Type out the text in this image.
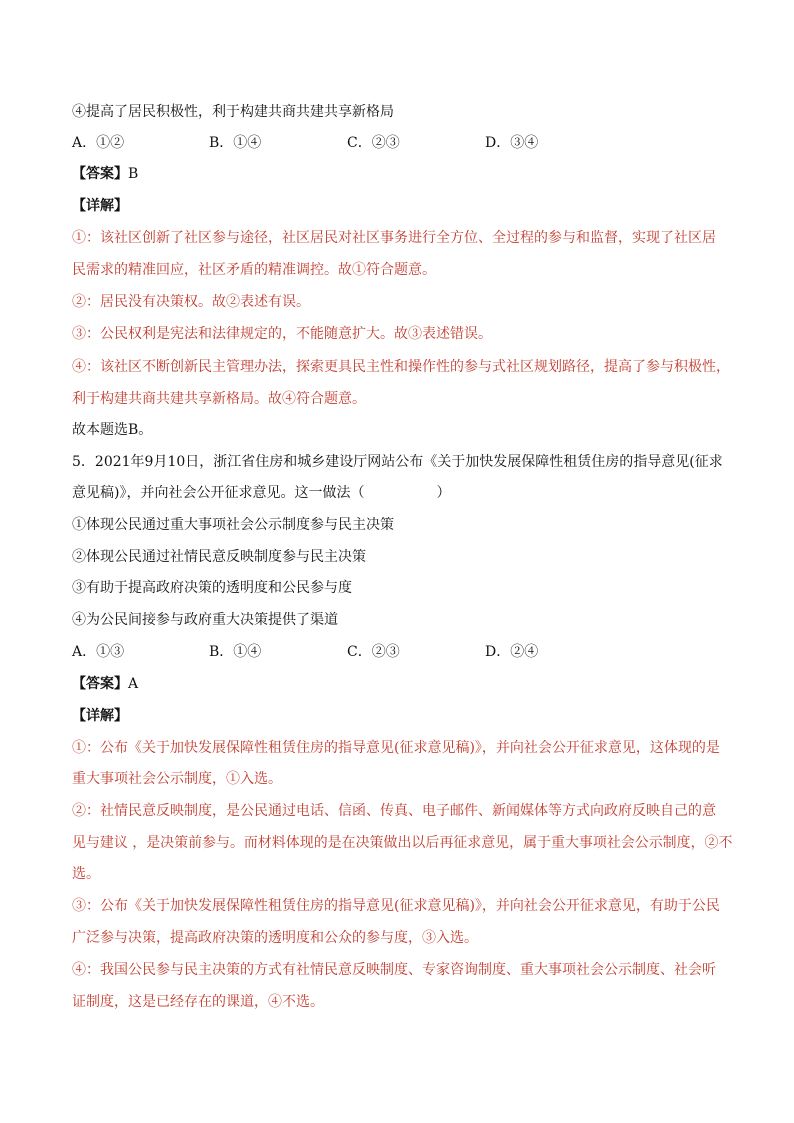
④提高了居民积极性，利于构建共商共建共享新格局
A．①②	B．①④	C．②③	D．③④
【答案】B
【详解】
①：该社区创新了社区参与途径，社区居民对社区事务进行全方位、全过程的参与和监督，实现了社区居
民需求的精准回应，社区矛盾的精准调控。故①符合题意。
②：居民没有决策权。故②表述有误。
③：公民权利是宪法和法律规定的，不能随意扩大。故③表述错误。
④：该社区不断创新民主管理办法，探索更具民主性和操作性的参与式社区规划路径，提高了参与积极性，
利于构建共商共建共享新格局。故④符合题意。
故本题选B。
5．2021年9月10日，浙江省住房和城乡建设厅网站公布《关于加快发展保障性租赁住房的指导意见(征求
意见稿)》，并向社会公开征求意见。这一做法（	）
①体现公民通过重大事项社会公示制度参与民主决策
②体现公民通过社情民意反映制度参与民主决策
③有助于提高政府决策的透明度和公民参与度
④为公民间接参与政府重大决策提供了渠道
A．①③	B．①④	C．②③	D．②④
【答案】A
【详解】
①：公布《关于加快发展保障性租赁住房的指导意见(征求意见稿)》，并向社会公开征求意见，这体现的是
重大事项社会公示制度，①入选。
②：社情民意反映制度，是公民通过电话、信函、传真、电子邮件、新闻媒体等方式向政府反映自己的意
见与建议 ，是决策前参与。而材料体现的是在决策做出以后再征求意见，属于重大事项社会公示制度，②不
选。
③：公布《关于加快发展保障性租赁住房的指导意见(征求意见稿)》，并向社会公开征求意见，有助于公民
广泛参与决策，提高政府决策的透明度和公众的参与度，③入选。
④：我国公民参与民主决策的方式有社情民意反映制度、专家咨询制度、重大事项社会公示制度、社会听
证制度，这是已经存在的课道，④不选。
